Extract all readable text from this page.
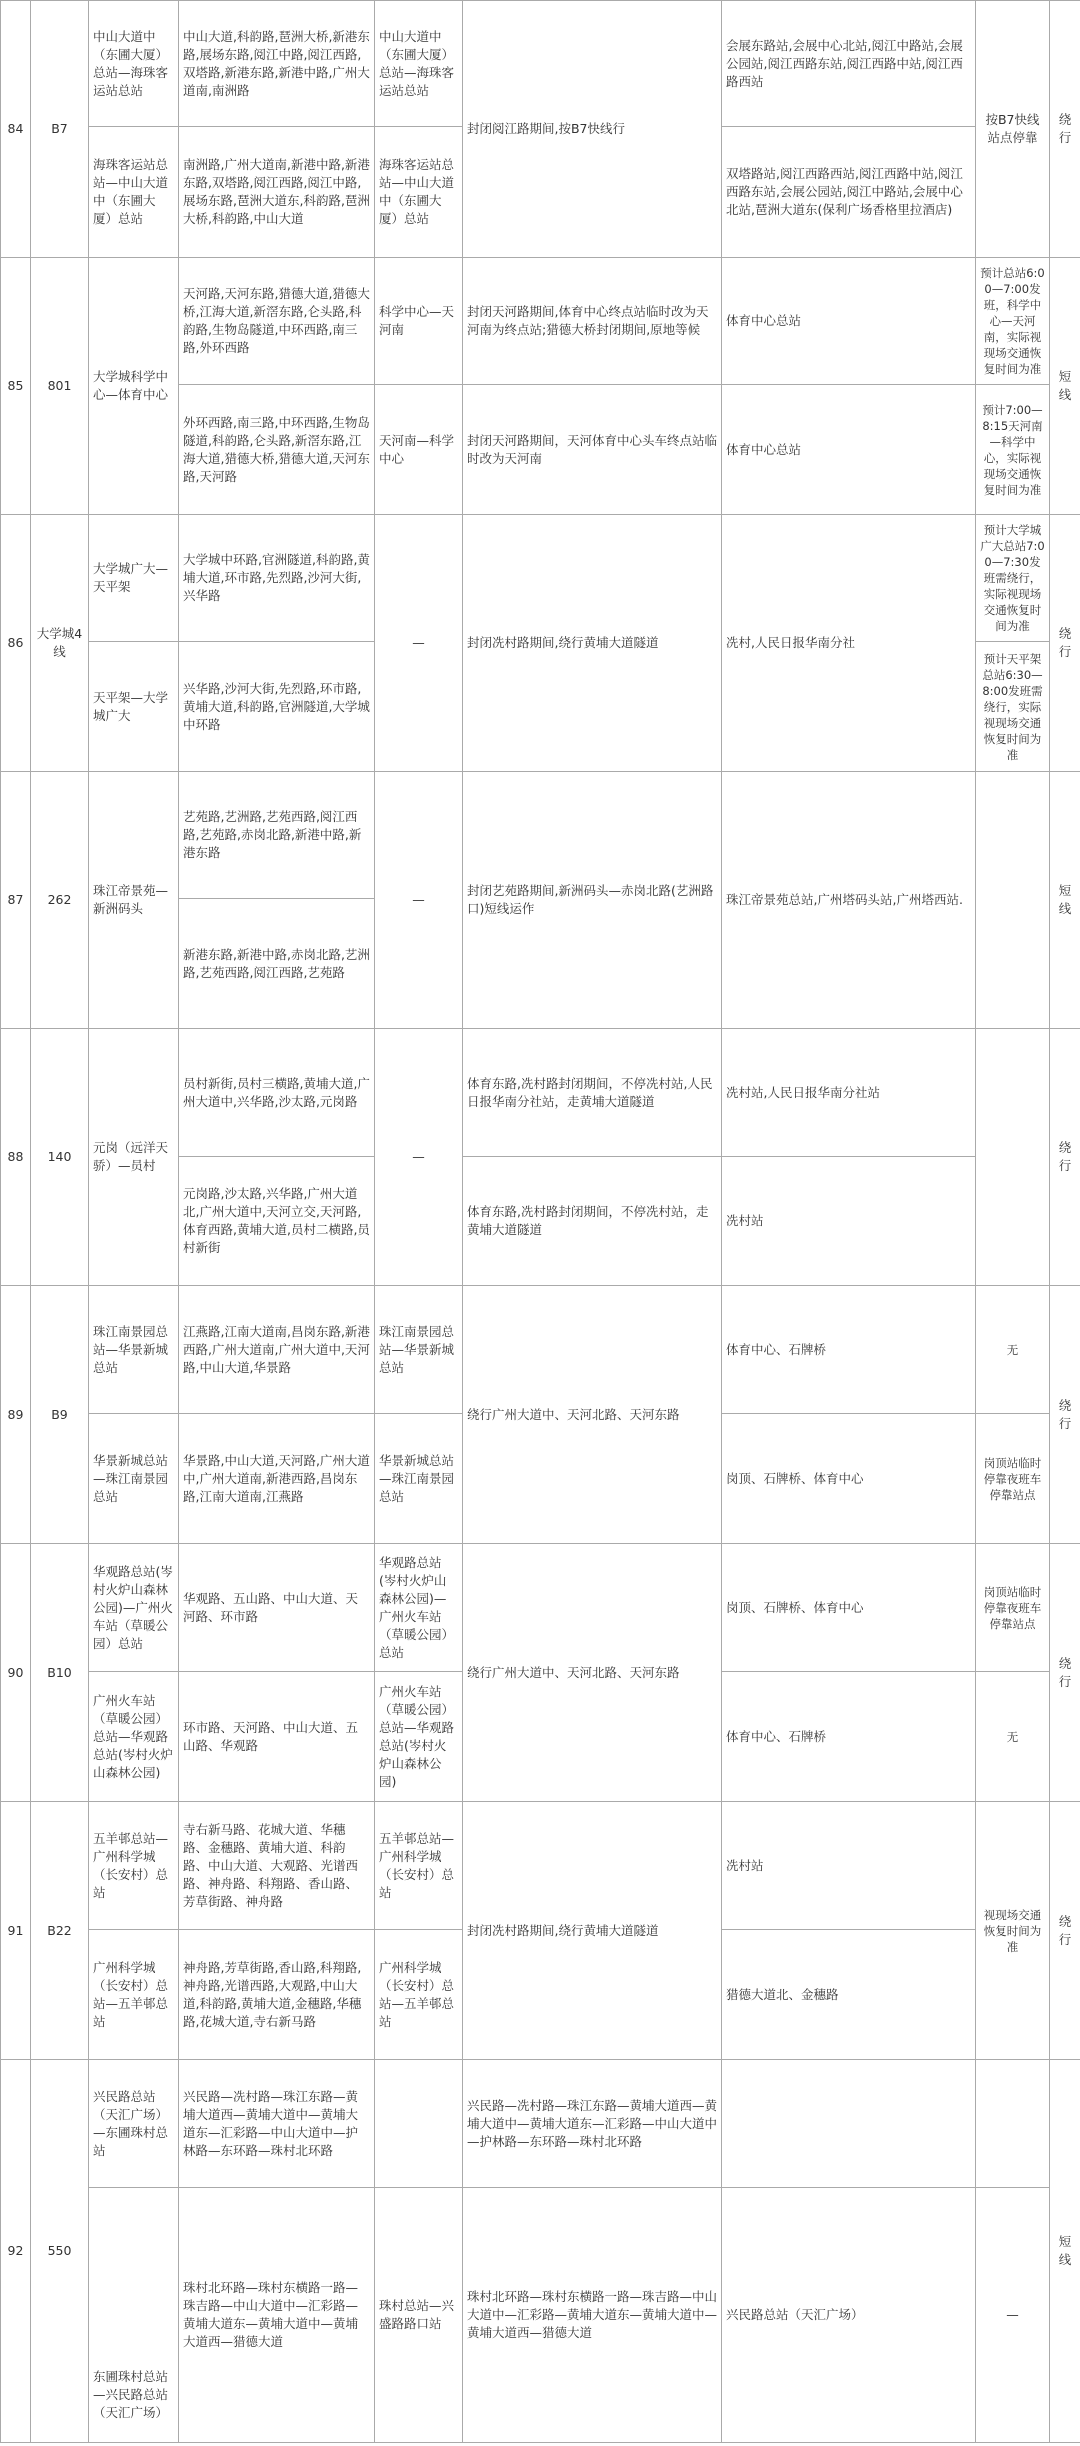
84	B7	中山大道中（东圃大厦）总站—海珠客运站总站	中山大道,科韵路,琶洲大桥,新港东路,展场东路,阅江中路,阅江西路,双塔路,新港东路,新港中路,广州大道南,南洲路	中山大道中（东圃大厦）总站—海珠客运站总站	封闭阅江路期间,按B7快线行	会展东路站,会展中心北站,阅江中路站,会展公园站,阅江西路东站,阅江西路中站,阅江西路西站	按B7快线站点停靠	绕行
		海珠客运站总站—中山大道中（东圃大厦）总站	南洲路,广州大道南,新港中路,新港东路,双塔路,阅江西路,阅江中路,展场东路,琶洲大道东,科韵路,琶洲大桥,科韵路,中山大道	海珠客运站总站—中山大道中（东圃大厦）总站		双塔路站,阅江西路西站,阅江西路中站,阅江西路东站,会展公园站,阅江中路站,会展中心北站,琶洲大道东(保利广场香格里拉酒店)		
85	801	大学城科学中心—体育中心	天河路,天河东路,猎德大道,猎德大桥,江海大道,新滘东路,仑头路,科韵路,生物岛隧道,中环西路,南三路,外环西路	科学中心—天河南	封闭天河路期间,体育中心终点站临时改为天河南为终点站;猎德大桥封闭期间,原地等候	体育中心总站	预计总站6:00—7:00发班，科学中心—天河南，实际视现场交通恢复时间为准	短线
			外环西路,南三路,中环西路,生物岛隧道,科韵路,仑头路,新滘东路,江海大道,猎德大桥,猎德大道,天河东路,天河路	天河南—科学中心	封闭天河路期间，天河体育中心头车终点站临时改为天河南	体育中心总站	预计7:00—8:15天河南—科学中心，实际视现场交通恢复时间为准	
86	大学城4线	大学城广大—天平架	大学城中环路,官洲隧道,科韵路,黄埔大道,环市路,先烈路,沙河大街,兴华路	—	封闭冼村路期间,绕行黄埔大道隧道	冼村,人民日报华南分社	预计大学城广大总站7:00—7:30发班需绕行，实际视现场交通恢复时间为准	绕行
		天平架—大学城广大	兴华路,沙河大街,先烈路,环市路,黄埔大道,科韵路,官洲隧道,大学城中环路				预计天平架总站6:30—8:00发班需绕行，实际视现场交通恢复时间为准	
87	262	珠江帝景苑—新洲码头	艺苑路,艺洲路,艺苑西路,阅江西路,艺苑路,赤岗北路,新港中路,新港东路	—	封闭艺苑路期间,新洲码头—赤岗北路(艺洲路口)短线运作	珠江帝景苑总站,广州塔码头站,广州塔西站.		短线
			新港东路,新港中路,赤岗北路,艺洲路,艺苑西路,阅江西路,艺苑路					
88	140	元岗（远洋天骄）—员村	员村新街,员村三横路,黄埔大道,广州大道中,兴华路,沙太路,元岗路	—	体育东路,冼村路封闭期间，不停冼村站,人民日报华南分社站，走黄埔大道隧道	冼村站,人民日报华南分社站		绕行
			元岗路,沙太路,兴华路,广州大道北,广州大道中,天河立交,天河路,体育西路,黄埔大道,员村二横路,员村新街		体育东路,冼村路封闭期间，不停冼村站，走黄埔大道隧道	冼村站		
89	B9	珠江南景园总站—华景新城总站	江燕路,江南大道南,昌岗东路,新港西路,广州大道南,广州大道中,天河路,中山大道,华景路	珠江南景园总站—华景新城总站	绕行广州大道中、天河北路、天河东路	体育中心、石牌桥	无	绕行
		华景新城总站—珠江南景园总站	华景路,中山大道,天河路,广州大道中,广州大道南,新港西路,昌岗东路,江南大道南,江燕路	华景新城总站—珠江南景园总站		岗顶、石牌桥、体育中心	岗顶站临时停靠夜班车停靠站点	
90	B10	华观路总站(岑村火炉山森林公园)—广州火车站（草暖公园）总站	华观路、五山路、中山大道、天河路、环市路	华观路总站(岑村火炉山森林公园)—广州火车站（草暖公园）总站	绕行广州大道中、天河北路、天河东路	岗顶、石牌桥、体育中心	岗顶站临时停靠夜班车停靠站点	绕行
		广州火车站（草暖公园）总站—华观路总站(岑村火炉山森林公园)	环市路、天河路、中山大道、五山路、华观路	广州火车站（草暖公园）总站—华观路总站(岑村火炉山森林公园)		体育中心、石牌桥	无	
91	B22	五羊邨总站—广州科学城（长安村）总站	寺右新马路、花城大道、华穗路、金穗路、黄埔大道、科韵路、中山大道、大观路、光谱西路、神舟路、科翔路、香山路、芳草街路、神舟路	五羊邨总站—广州科学城（长安村）总站	封闭冼村路期间,绕行黄埔大道隧道	冼村站	视现场交通恢复时间为准	绕行
		广州科学城（长安村）总站—五羊邨总站	神舟路,芳草街路,香山路,科翔路,神舟路,光谱西路,大观路,中山大道,科韵路,黄埔大道,金穗路,华穗路,花城大道,寺右新马路	广州科学城（长安村）总站—五羊邨总站		猎德大道北、金穗路		
92	550	兴民路总站（天汇广场）—东圃珠村总站	兴民路—冼村路—珠江东路—黄埔大道西—黄埔大道中—黄埔大道东—汇彩路—中山大道中—护林路—东环路—珠村北环路		兴民路—冼村路—珠江东路—黄埔大道西—黄埔大道中—黄埔大道东—汇彩路—中山大道中—护林路—东环路—珠村北环路			短线
		东圃珠村总站—兴民路总站（天汇广场）	珠村北环路—珠村东横路一路—珠吉路—中山大道中—汇彩路—黄埔大道东—黄埔大道中—黄埔大道西—猎德大道	珠村总站—兴盛路路口站	珠村北环路—珠村东横路一路—珠吉路—中山大道中—汇彩路—黄埔大道东—黄埔大道中—黄埔大道西—猎德大道	兴民路总站（天汇广场）	—	
